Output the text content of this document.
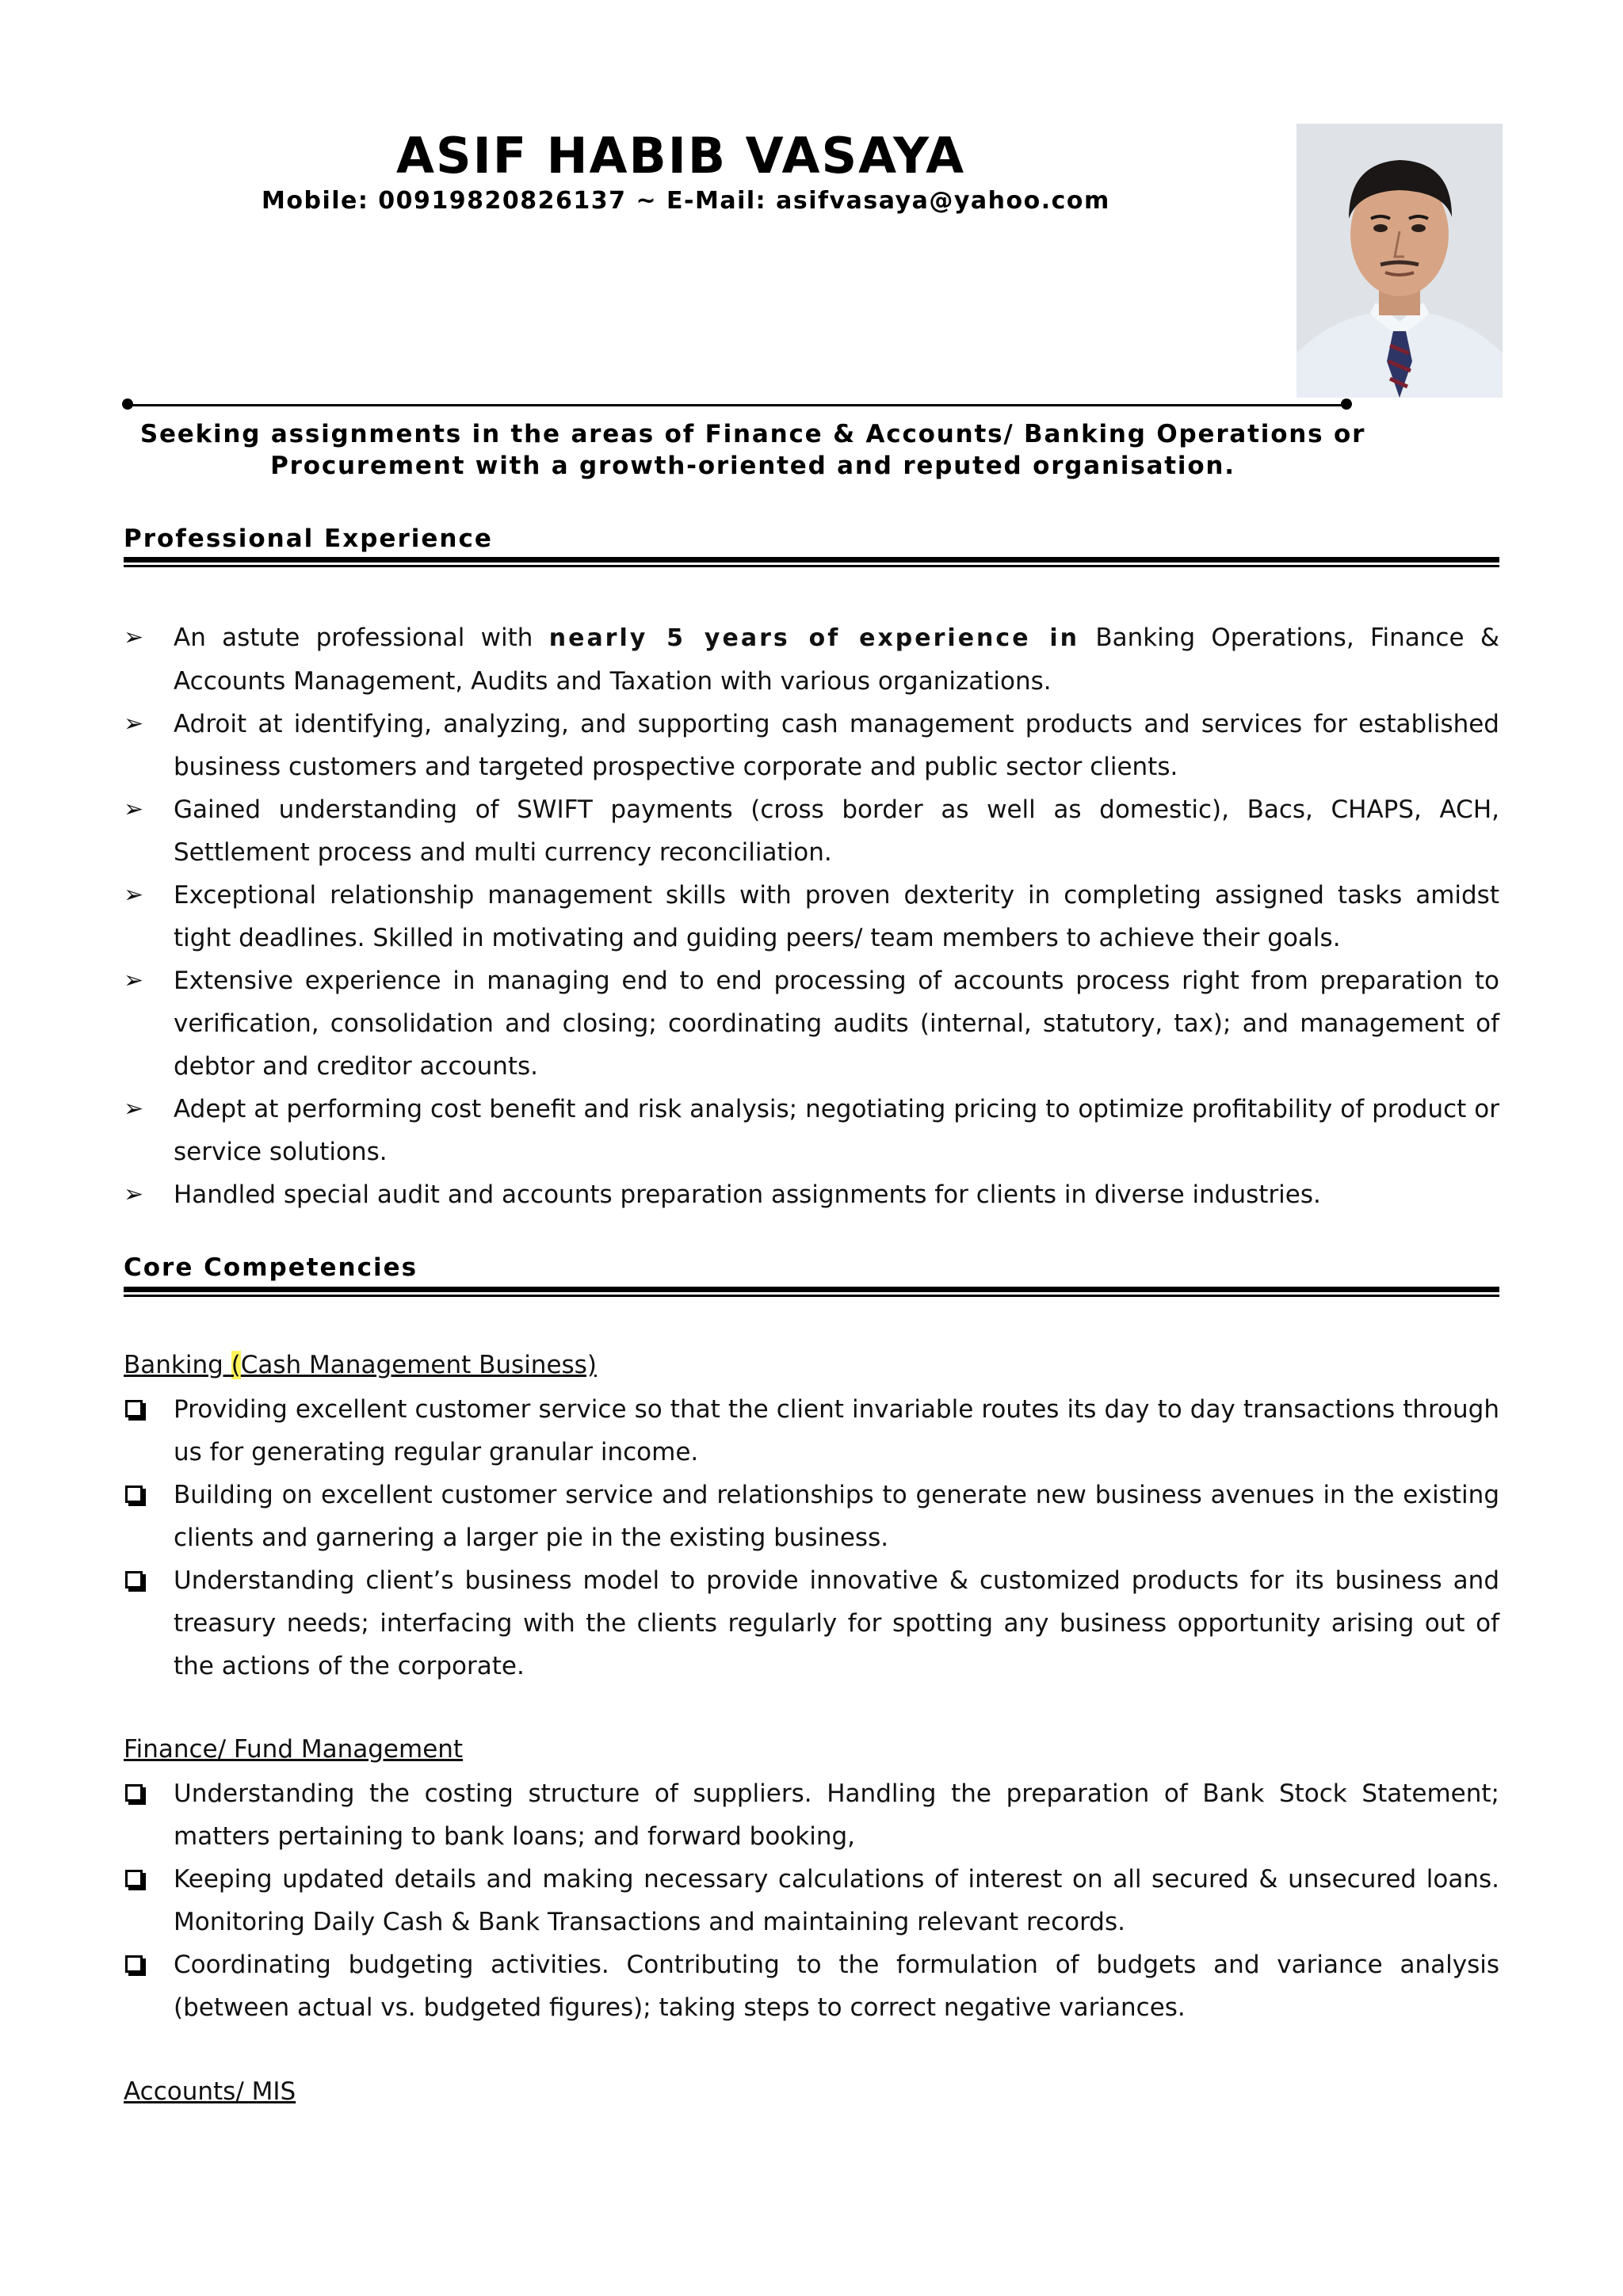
ASIF HABIB VASAYA
Mobile: 00919820826137 ~ E-Mail: asifvasaya@yahoo.com
Seeking assignments in the areas of Finance & Accounts/ Banking Operations or
Procurement with a growth-oriented and reputed organisation.
Professional Experience
➢	An astute professional with nearly 5 years of experience in Banking Operations, Finance & Accounts Management, Audits and Taxation with various organizations.
➢	Adroit at identifying, analyzing, and supporting cash management products and services for established business customers and targeted prospective corporate and public sector clients.
➢	Gained understanding of SWIFT payments (cross border as well as domestic), Bacs, CHAPS, ACH, Settlement process and multi currency reconciliation.
➢	Exceptional relationship management skills with proven dexterity in completing assigned tasks amidst tight deadlines. Skilled in motivating and guiding peers/ team members to achieve their goals.
➢	Extensive experience in managing end to end processing of accounts process right from preparation to verification, consolidation and closing; coordinating audits (internal, statutory, tax); and management of debtor and creditor accounts.
➢	Adept at performing cost benefit and risk analysis; negotiating pricing to optimize profitability of product or service solutions.
➢	Handled special audit and accounts preparation assignments for clients in diverse industries.
Core Competencies
Banking (Cash Management Business)
Providing excellent customer service so that the client invariable routes its day to day transactions through us for generating regular granular income.
Building on excellent customer service and relationships to generate new business avenues in the existing clients and garnering a larger pie in the existing business.
Understanding client’s business model to provide innovative & customized products for its business and treasury needs; interfacing with the clients regularly for spotting any business opportunity arising out of the actions of the corporate.
Finance/ Fund Management
Understanding the costing structure of suppliers. Handling the preparation of Bank Stock Statement; matters pertaining to bank loans; and forward booking,
Keeping updated details and making necessary calculations of interest on all secured & unsecured loans. Monitoring Daily Cash & Bank Transactions and maintaining relevant records.
Coordinating budgeting activities. Contributing to the formulation of budgets and variance analysis (between actual vs. budgeted figures); taking steps to correct negative variances.
Accounts/ MIS
